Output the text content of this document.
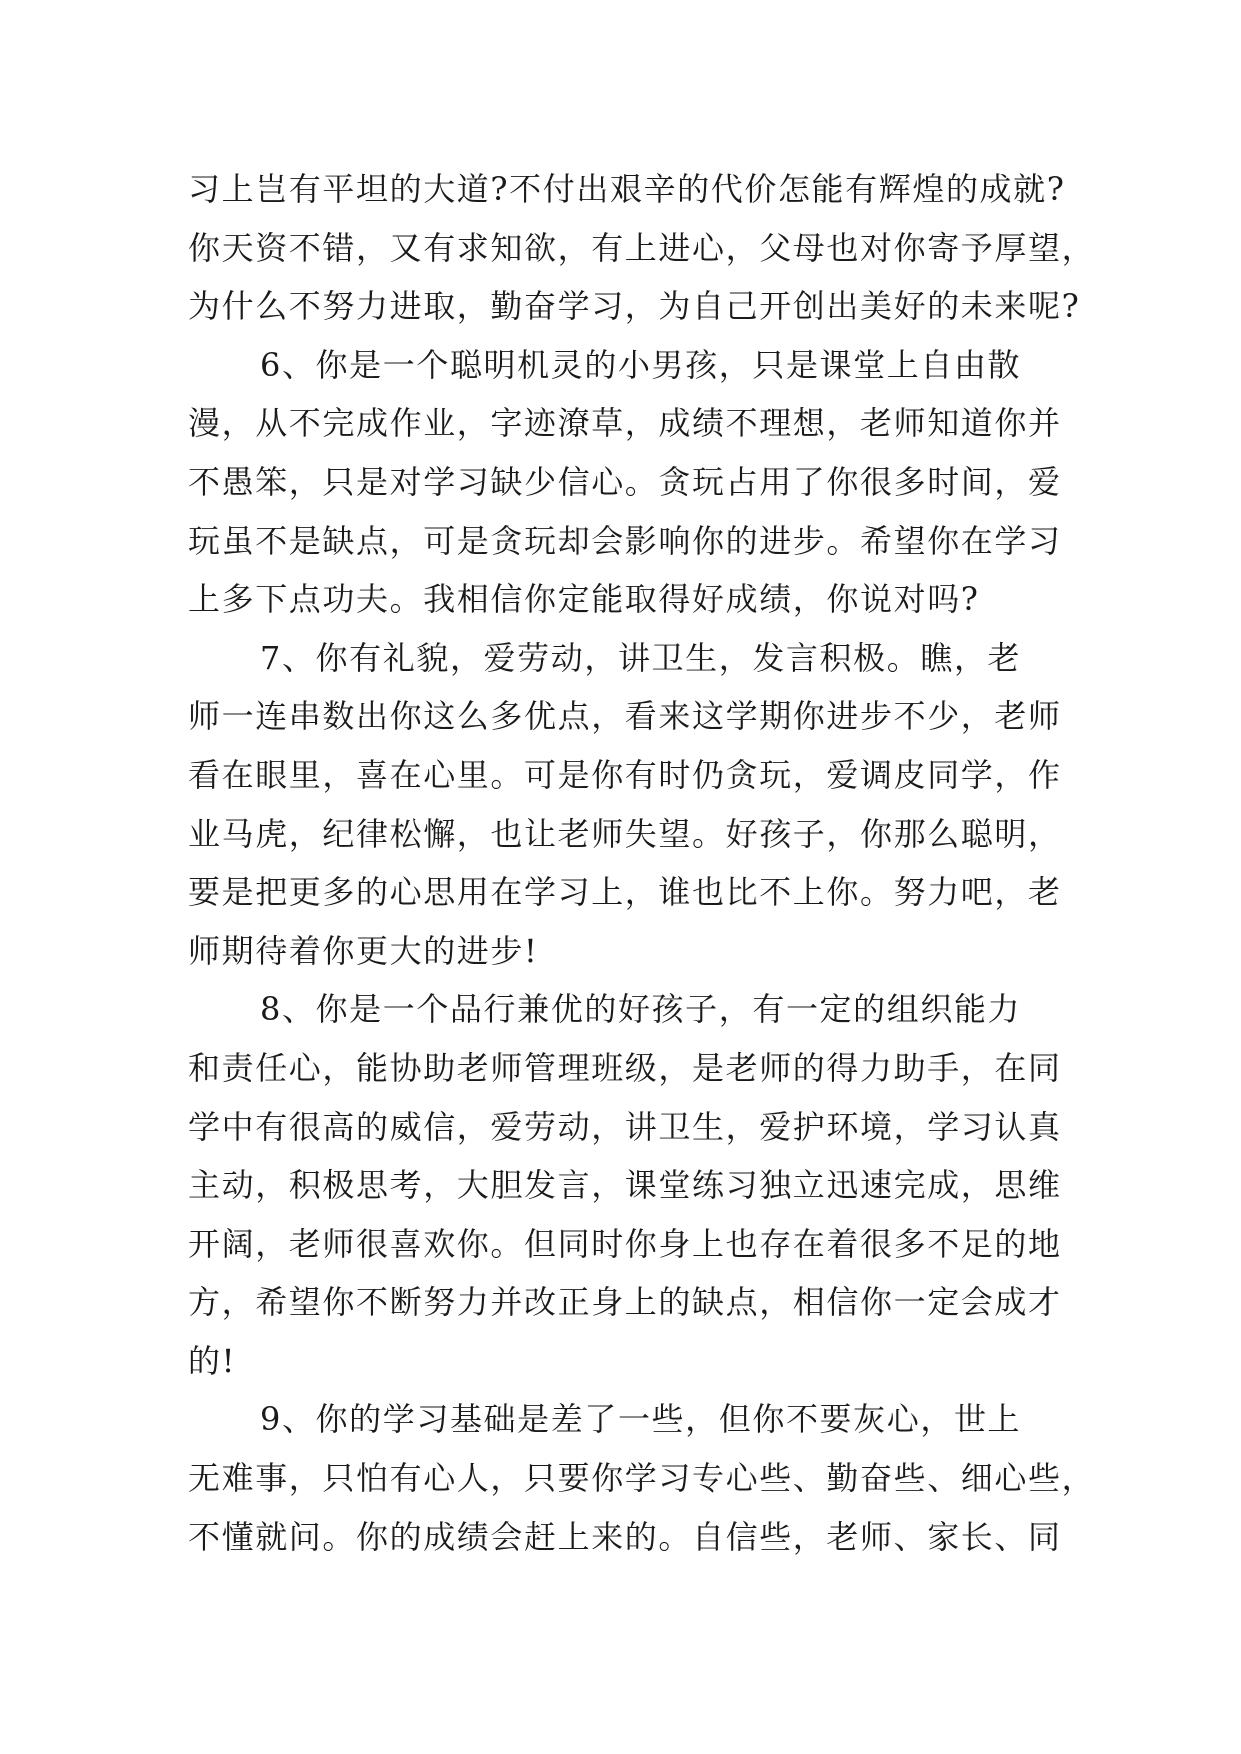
习上岂有平坦的大道?不付出艰辛的代价怎能有辉煌的成就?
你天资不错，又有求知欲，有上进心，父母也对你寄予厚望，
为什么不努力进取，勤奋学习，为自己开创出美好的未来呢?
6、你是一个聪明机灵的小男孩，只是课堂上自由散
漫，从不完成作业，字迹潦草，成绩不理想，老师知道你并
不愚笨，只是对学习缺少信心。贪玩占用了你很多时间，爱
玩虽不是缺点，可是贪玩却会影响你的进步。希望你在学习
上多下点功夫。我相信你定能取得好成绩，你说对吗?
7、你有礼貌，爱劳动，讲卫生，发言积极。瞧，老
师一连串数出你这么多优点，看来这学期你进步不少，老师
看在眼里，喜在心里。可是你有时仍贪玩，爱调皮同学，作
业马虎，纪律松懈，也让老师失望。好孩子，你那么聪明，
要是把更多的心思用在学习上，谁也比不上你。努力吧，老
师期待着你更大的进步!
8、你是一个品行兼优的好孩子，有一定的组织能力
和责任心，能协助老师管理班级，是老师的得力助手，在同
学中有很高的威信，爱劳动，讲卫生，爱护环境，学习认真
主动，积极思考，大胆发言，课堂练习独立迅速完成，思维
开阔，老师很喜欢你。但同时你身上也存在着很多不足的地
方，希望你不断努力并改正身上的缺点，相信你一定会成才
的!
9、你的学习基础是差了一些，但你不要灰心，世上
无难事，只怕有心人，只要你学习专心些、勤奋些、细心些，
不懂就问。你的成绩会赶上来的。自信些，老师、家长、同
